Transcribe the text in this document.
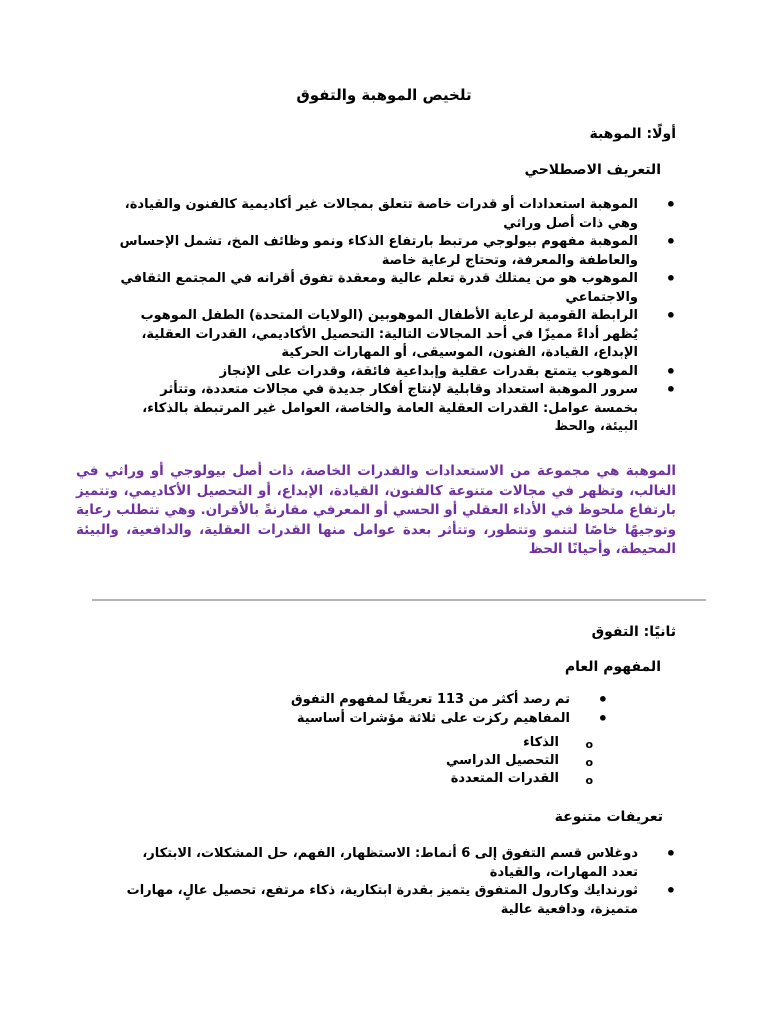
تلخيص الموهبة والتفوق
أولًا: الموهبة
التعريف الاصطلاحي
•
الموهبة استعدادات أو قدرات خاصة تتعلق بمجالات غير أكاديمية كالفنون والقيادة، وهي ذات أصل وراثي
•
الموهبة مفهوم بيولوجي مرتبط بارتفاع الذكاء ونمو وظائف المخ، تشمل الإحساس والعاطفة والمعرفة، وتحتاج لرعاية خاصة
•
الموهوب هو من يمتلك قدرة تعلم عالية ومعقدة تفوق أقرانه في المجتمع الثقافي والاجتماعي
•
الرابطة القومية لرعاية الأطفال الموهوبين (الولايات المتحدة) الطفل الموهوب يُظهر أداءً مميزًا في أحد المجالات التالية: التحصيل الأكاديمي، القدرات العقلية، الإبداع، القيادة، الفنون، الموسيقى، أو المهارات الحركية
•
الموهوب يتمتع بقدرات عقلية وإبداعية فائقة، وقدرات على الإنجاز
•
سرور الموهبة استعداد وقابلية لإنتاج أفكار جديدة في مجالات متعددة، وتتأثر بخمسة عوامل: القدرات العقلية العامة والخاصة، العوامل غير المرتبطة بالذكاء، البيئة، والحظ
الموهبة هي مجموعة من الاستعدادات والقدرات الخاصة، ذات أصل بيولوجي أو وراثي في الغالب، وتظهر في مجالات متنوعة كالفنون، القيادة، الإبداع، أو التحصيل الأكاديمي، وتتميز بارتفاع ملحوظ في الأداء العقلي أو الحسي أو المعرفي مقارنةً بالأقران. وهي تتطلب رعاية وتوجيهًا خاصًا لتنمو وتتطور، وتتأثر بعدة عوامل منها القدرات العقلية، والدافعية، والبيئة المحيطة، وأحيانًا الحظ
ثانيًا: التفوق
المفهوم العام
•
تم رصد أكثر من 113 تعريفًا لمفهوم التفوق
•
المفاهيم ركزت على ثلاثة مؤشرات أساسية
o
الذكاء
o
التحصيل الدراسي
o
القدرات المتعددة
تعريفات متنوعة
•
دوغلاس قسم التفوق إلى 6 أنماط: الاستظهار، الفهم، حل المشكلات، الابتكار، تعدد المهارات، والقيادة
•
ثورندايك وكارول المتفوق يتميز بقدرة ابتكارية، ذكاء مرتفع، تحصيل عالٍ، مهارات متميزة، ودافعية عالية
